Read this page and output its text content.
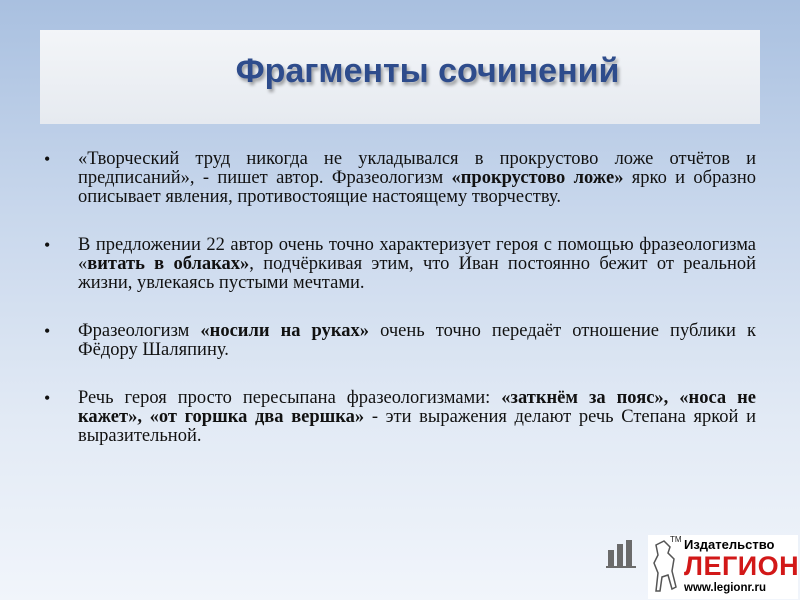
Фрагменты сочинений
• «Творческий труд никогда не укладывался в прокрустово ложе отчётов и предписаний», - пишет автор. Фразеологизм «прокрустово ложе» ярко и образно описывает явления, противостоящие настоящему творчеству.
• В предложении 22 автор очень точно характеризует героя с помощью фразеологизма «витать в облаках», подчёркивая этим, что Иван постоянно бежит от реальной жизни, увлекаясь пустыми мечтами.
• Фразеологизм «носили на руках» очень точно передаёт отношение публики к Фёдору Шаляпину.
• Речь героя просто пересыпана фразеологизмами: «заткнём за пояс», «носа не кажет», «от горшка два вершка» - эти выражения делают речь Степана яркой и выразительной.
TM Издательство
ЛЕГИОН
www.legionr.ru
